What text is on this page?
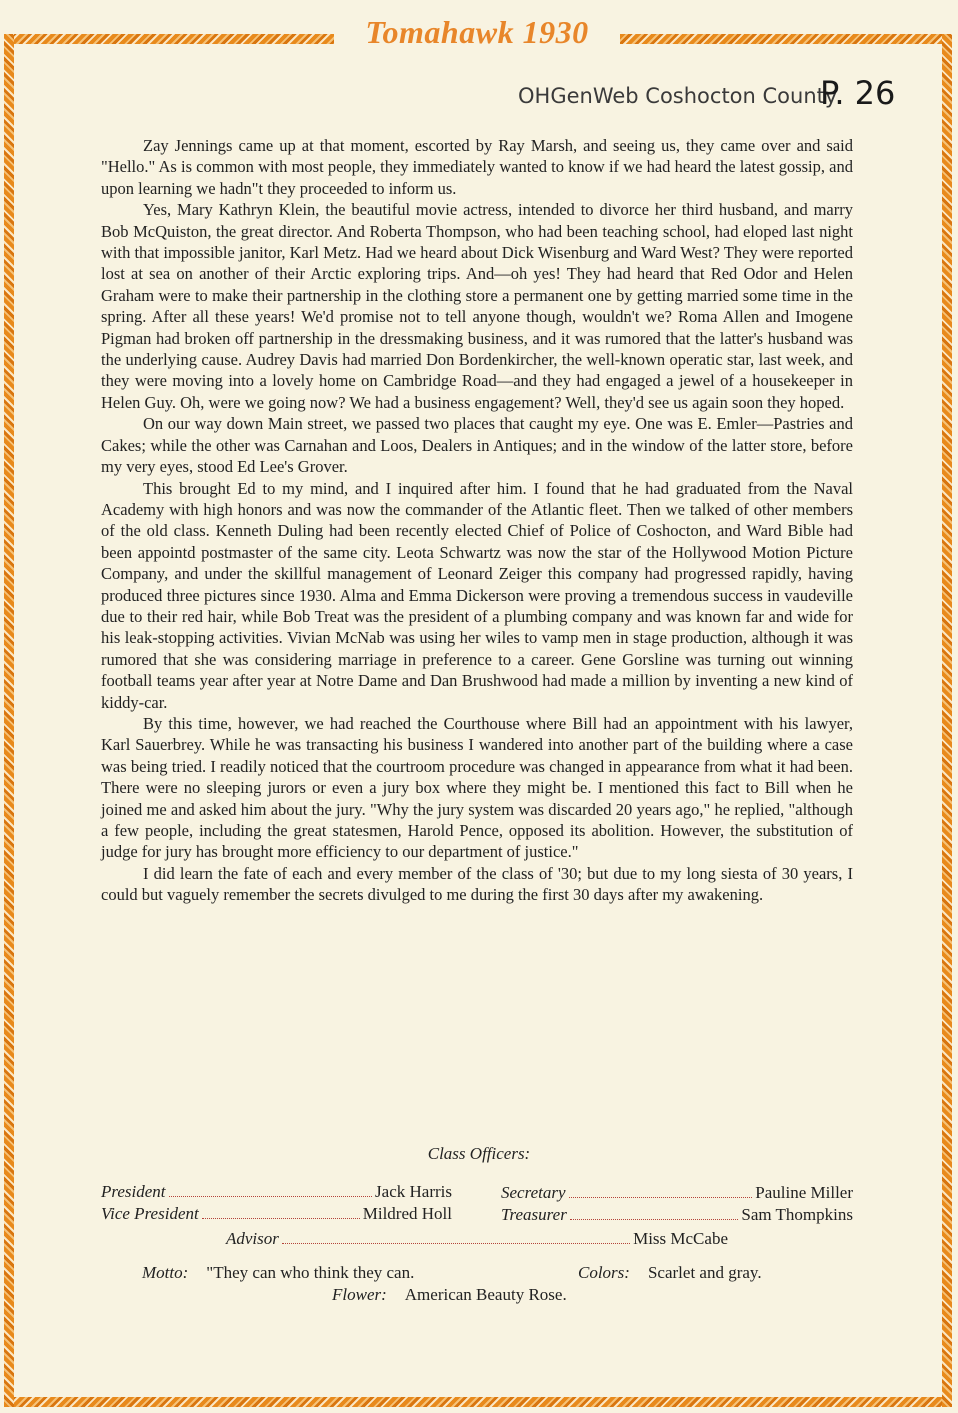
Tomahawk 1930
OHGenWeb Coshocton County
P. 26

Zay Jennings came up at that moment, escorted by Ray Marsh, and seeing us, they came over and said "Hello." As is common with most people, they immediately wanted to know if we had heard the latest gossip, and upon learning we hadn"t they proceeded to inform us.

Yes, Mary Kathryn Klein, the beautiful movie actress, intended to divorce her third husband, and marry Bob McQuiston, the great director. And Roberta Thompson, who had been teaching school, had eloped last night with that impossible janitor, Karl Metz. Had we heard about Dick Wisenburg and Ward West? They were reported lost at sea on another of their Arctic exploring trips. And—oh yes! They had heard that Red Odor and Helen Graham were to make their partnership in the clothing store a permanent one by getting married some time in the spring. After all these years! We'd promise not to tell anyone though, wouldn't we? Roma Allen and Imogene Pigman had broken off partnership in the dressmaking business, and it was rumored that the latter's husband was the underlying cause. Audrey Davis had married Don Bordenkircher, the well-known operatic star, last week, and they were moving into a lovely home on Cambridge Road—and they had engaged a jewel of a housekeeper in Helen Guy. Oh, were we going now? We had a business engagement? Well, they'd see us again soon they hoped.

On our way down Main street, we passed two places that caught my eye. One was E. Emler—Pastries and Cakes; while the other was Carnahan and Loos, Dealers in Antiques; and in the window of the latter store, before my very eyes, stood Ed Lee's Grover.

This brought Ed to my mind, and I inquired after him. I found that he had graduated from the Naval Academy with high honors and was now the commander of the Atlantic fleet. Then we talked of other members of the old class. Kenneth Duling had been recently elected Chief of Police of Coshocton, and Ward Bible had been appointd postmaster of the same city. Leota Schwartz was now the star of the Hollywood Motion Picture Company, and under the skillful management of Leonard Zeiger this company had progressed rapidly, having produced three pictures since 1930. Alma and Emma Dickerson were proving a tremendous success in vaudeville due to their red hair, while Bob Treat was the president of a plumbing company and was known far and wide for his leak-stopping activities. Vivian McNab was using her wiles to vamp men in stage production, although it was rumored that she was considering marriage in preference to a career. Gene Gorsline was turning out winning football teams year after year at Notre Dame and Dan Brushwood had made a million by inventing a new kind of kiddy-car.

By this time, however, we had reached the Courthouse where Bill had an appointment with his lawyer, Karl Sauerbrey. While he was transacting his business I wandered into another part of the building where a case was being tried. I readily noticed that the courtroom procedure was changed in appearance from what it had been. There were no sleeping jurors or even a jury box where they might be. I mentioned this fact to Bill when he joined me and asked him about the jury. "Why the jury system was discarded 20 years ago," he replied, "although a few people, including the great statesmen, Harold Pence, opposed its abolition. However, the substitution of judge for jury has brought more efficiency to our department of justice."

I did learn the fate of each and every member of the class of '30; but due to my long siesta of 30 years, I could but vaguely remember the secrets divulged to me during the first 30 days after my awakening.

Class Officers:
President	Jack Harris
Vice President	Mildred Holl
Secretary	Pauline Miller
Treasurer	Sam Thompkins
Advisor	Miss McCabe
Motto: "They can who think they can.	Colors: Scarlet and gray.
Flower: American Beauty Rose.
